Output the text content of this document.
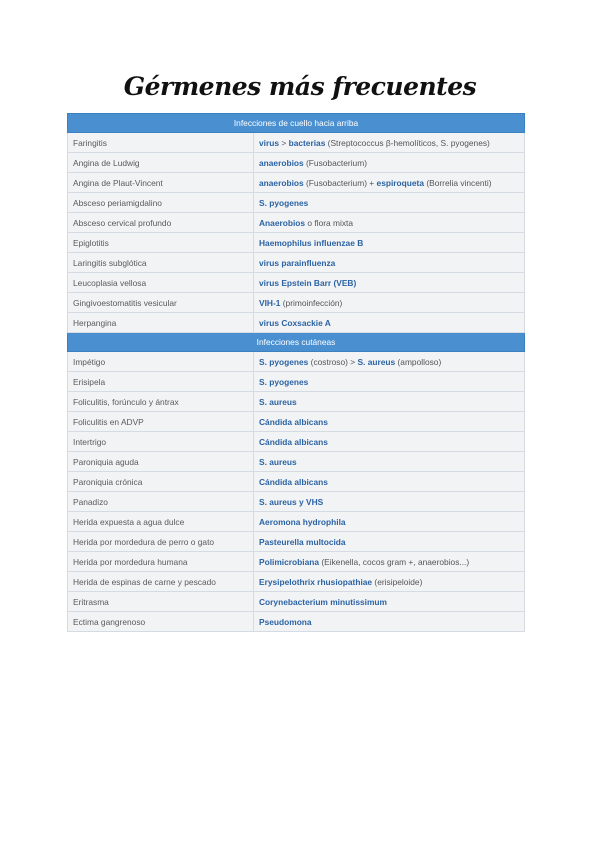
Gérmenes más frecuentes
Infecciones de cuello hacia arriba	
Faringitis	virus > bacterias (Streptococcus β-hemolíticos, S. pyogenes)
Angina de Ludwig	anaerobios (Fusobacterium)
Angina de Plaut-Vincent	anaerobios (Fusobacterium) + espiroqueta (Borrelia vincenti)
Absceso periamigdalino	S. pyogenes
Absceso cervical profundo	Anaerobios o flora mixta
Epiglotitis	Haemophilus influenzae B
Laringitis subglótica	virus parainfluenza
Leucoplasia vellosa	virus Epstein Barr (VEB)
Gingivoestomatitis vesicular	VIH-1 (primoinfección)
Herpangina	virus Coxsackie A
Infecciones cutáneas	
Impétigo	S. pyogenes (costroso) > S. aureus (ampolloso)
Erisipela	S. pyogenes
Foliculitis, forúnculo y ántrax	S. aureus
Foliculitis en ADVP	Cándida albicans
Intertrigo	Cándida albicans
Paroniquia aguda	S. aureus
Paroniquia crónica	Cándida albicans
Panadizo	S. aureus y VHS
Herida expuesta a agua dulce	Aeromona hydrophila
Herida por mordedura de perro o gato	Pasteurella multocida
Herida por mordedura humana	Polimicrobiana (Eikenella, cocos gram +, anaerobios...)
Herida de espinas de carne y pescado	Erysipelothrix rhusiopathiae (erisipeloide)
Eritrasma	Corynebacterium minutissimum
Ectima gangrenoso	Pseudomona
